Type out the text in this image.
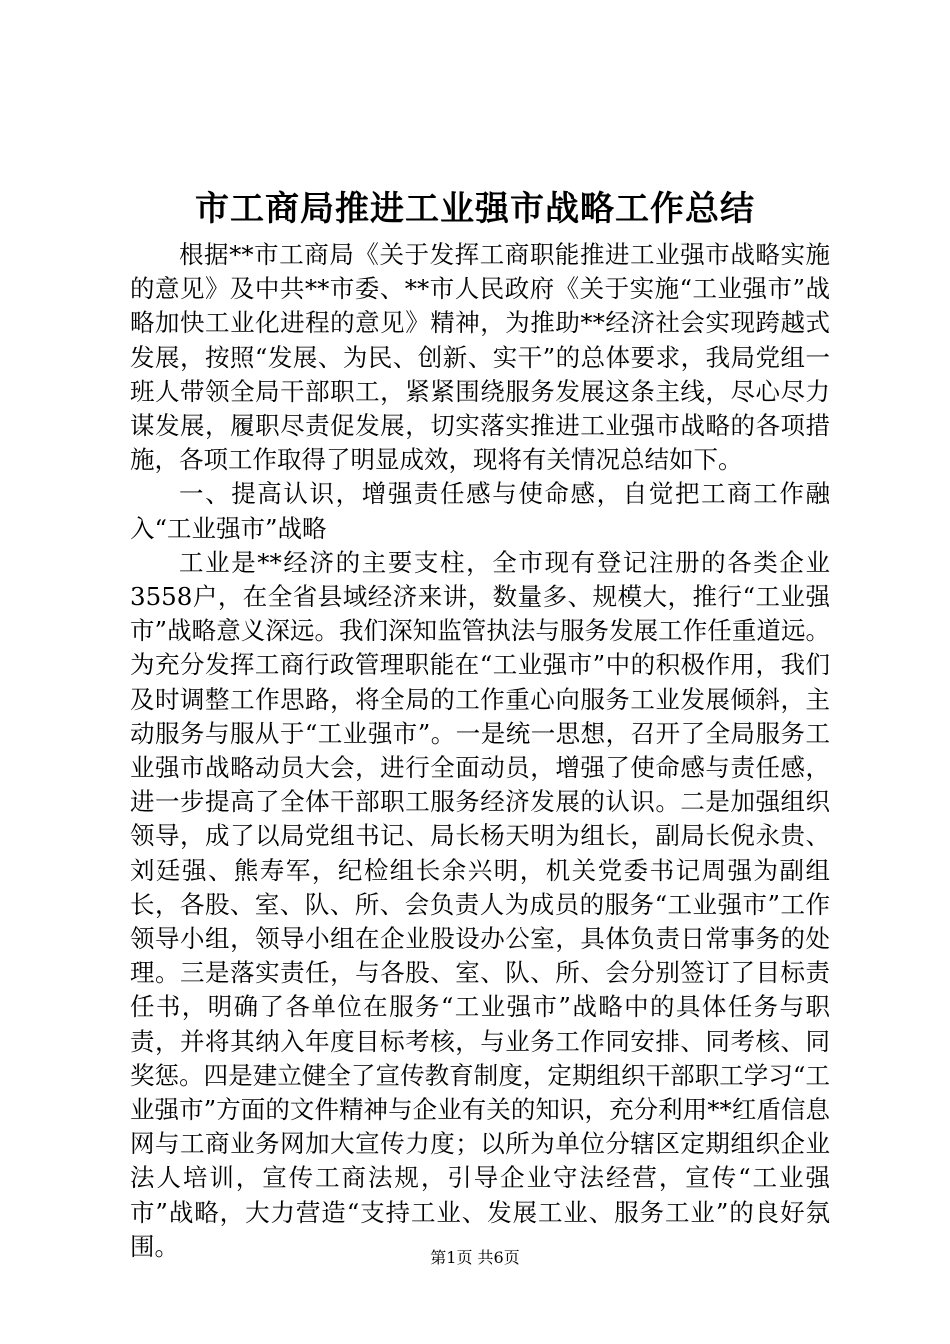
市工商局推进工业强市战略工作总结

根据**市工商局《关于发挥工商职能推进工业强市战略实施的意见》及中共**市委、**市人民政府《关于实施“工业强市”战略加快工业化进程的意见》精神，为推助**经济社会实现跨越式发展，按照“发展、为民、创新、实干”的总体要求，我局党组一班人带领全局干部职工，紧紧围绕服务发展这条主线，尽心尽力谋发展，履职尽责促发展，切实落实推进工业强市战略的各项措施，各项工作取得了明显成效，现将有关情况总结如下。

一、提高认识，增强责任感与使命感，自觉把工商工作融入“工业强市”战略

工业是**经济的主要支柱，全市现有登记注册的各类企业3558户，在全省县域经济来讲，数量多、规模大，推行“工业强市”战略意义深远。我们深知监管执法与服务发展工作任重道远。为充分发挥工商行政管理职能在“工业强市”中的积极作用，我们及时调整工作思路，将全局的工作重心向服务工业发展倾斜，主动服务与服从于“工业强市”。一是统一思想，召开了全局服务工业强市战略动员大会，进行全面动员，增强了使命感与责任感，进一步提高了全体干部职工服务经济发展的认识。二是加强组织领导，成了以局党组书记、局长杨天明为组长，副局长倪永贵、刘廷强、熊寿军，纪检组长余兴明，机关党委书记周强为副组长，各股、室、队、所、会负责人为成员的服务“工业强市”工作领导小组，领导小组在企业股设办公室，具体负责日常事务的处理。三是落实责任，与各股、室、队、所、会分别签订了目标责任书，明确了各单位在服务“工业强市”战略中的具体任务与职责，并将其纳入年度目标考核，与业务工作同安排、同考核、同奖惩。四是建立健全了宣传教育制度，定期组织干部职工学习“工业强市”方面的文件精神与企业有关的知识，充分利用**红盾信息网与工商业务网加大宣传力度；以所为单位分辖区定期组织企业法人培训，宣传工商法规，引导企业守法经营，宣传“工业强市”战略，大力营造“支持工业、发展工业、服务工业”的良好氛围。	第1页 共6页
